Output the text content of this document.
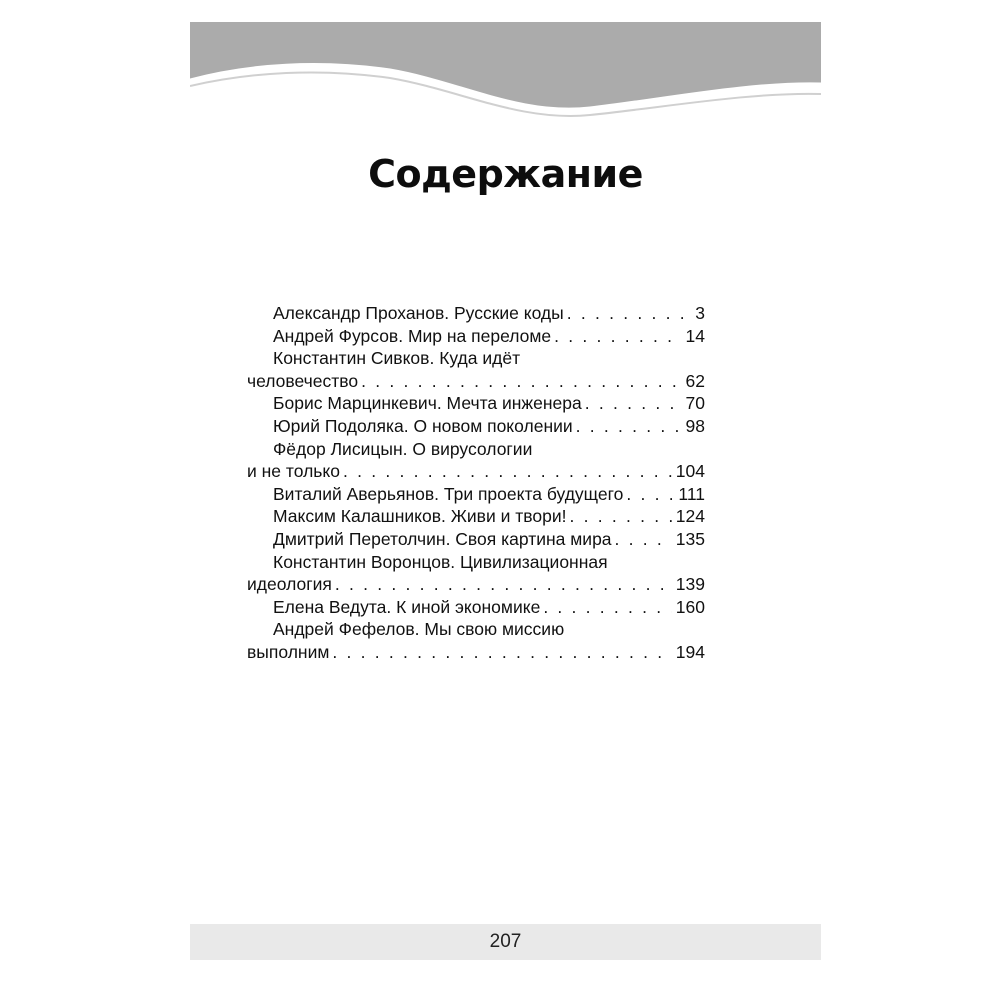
Содержание
Александр Проханов. Русские коды . . .	3
Андрей Фурсов. Мир на переломе . . .	14
Константин Сивков. Куда идёт
человечество . . .	62
Борис Марцинкевич. Мечта инженера . . .	70
Юрий Подоляка. О новом поколении . . .	98
Фёдор Лисицын. О вирусологии
и не только . . .	104
Виталий Аверьянов. Три проекта будущего . . .	111
Максим Калашников. Живи и твори! . . .	124
Дмитрий Перетолчин. Своя картина мира . . .	135
Константин Воронцов. Цивилизационная
идеология . . .	139
Елена Ведута. К иной экономике . . .	160
Андрей Фефелов. Мы свою миссию
выполним . . .	194
207
